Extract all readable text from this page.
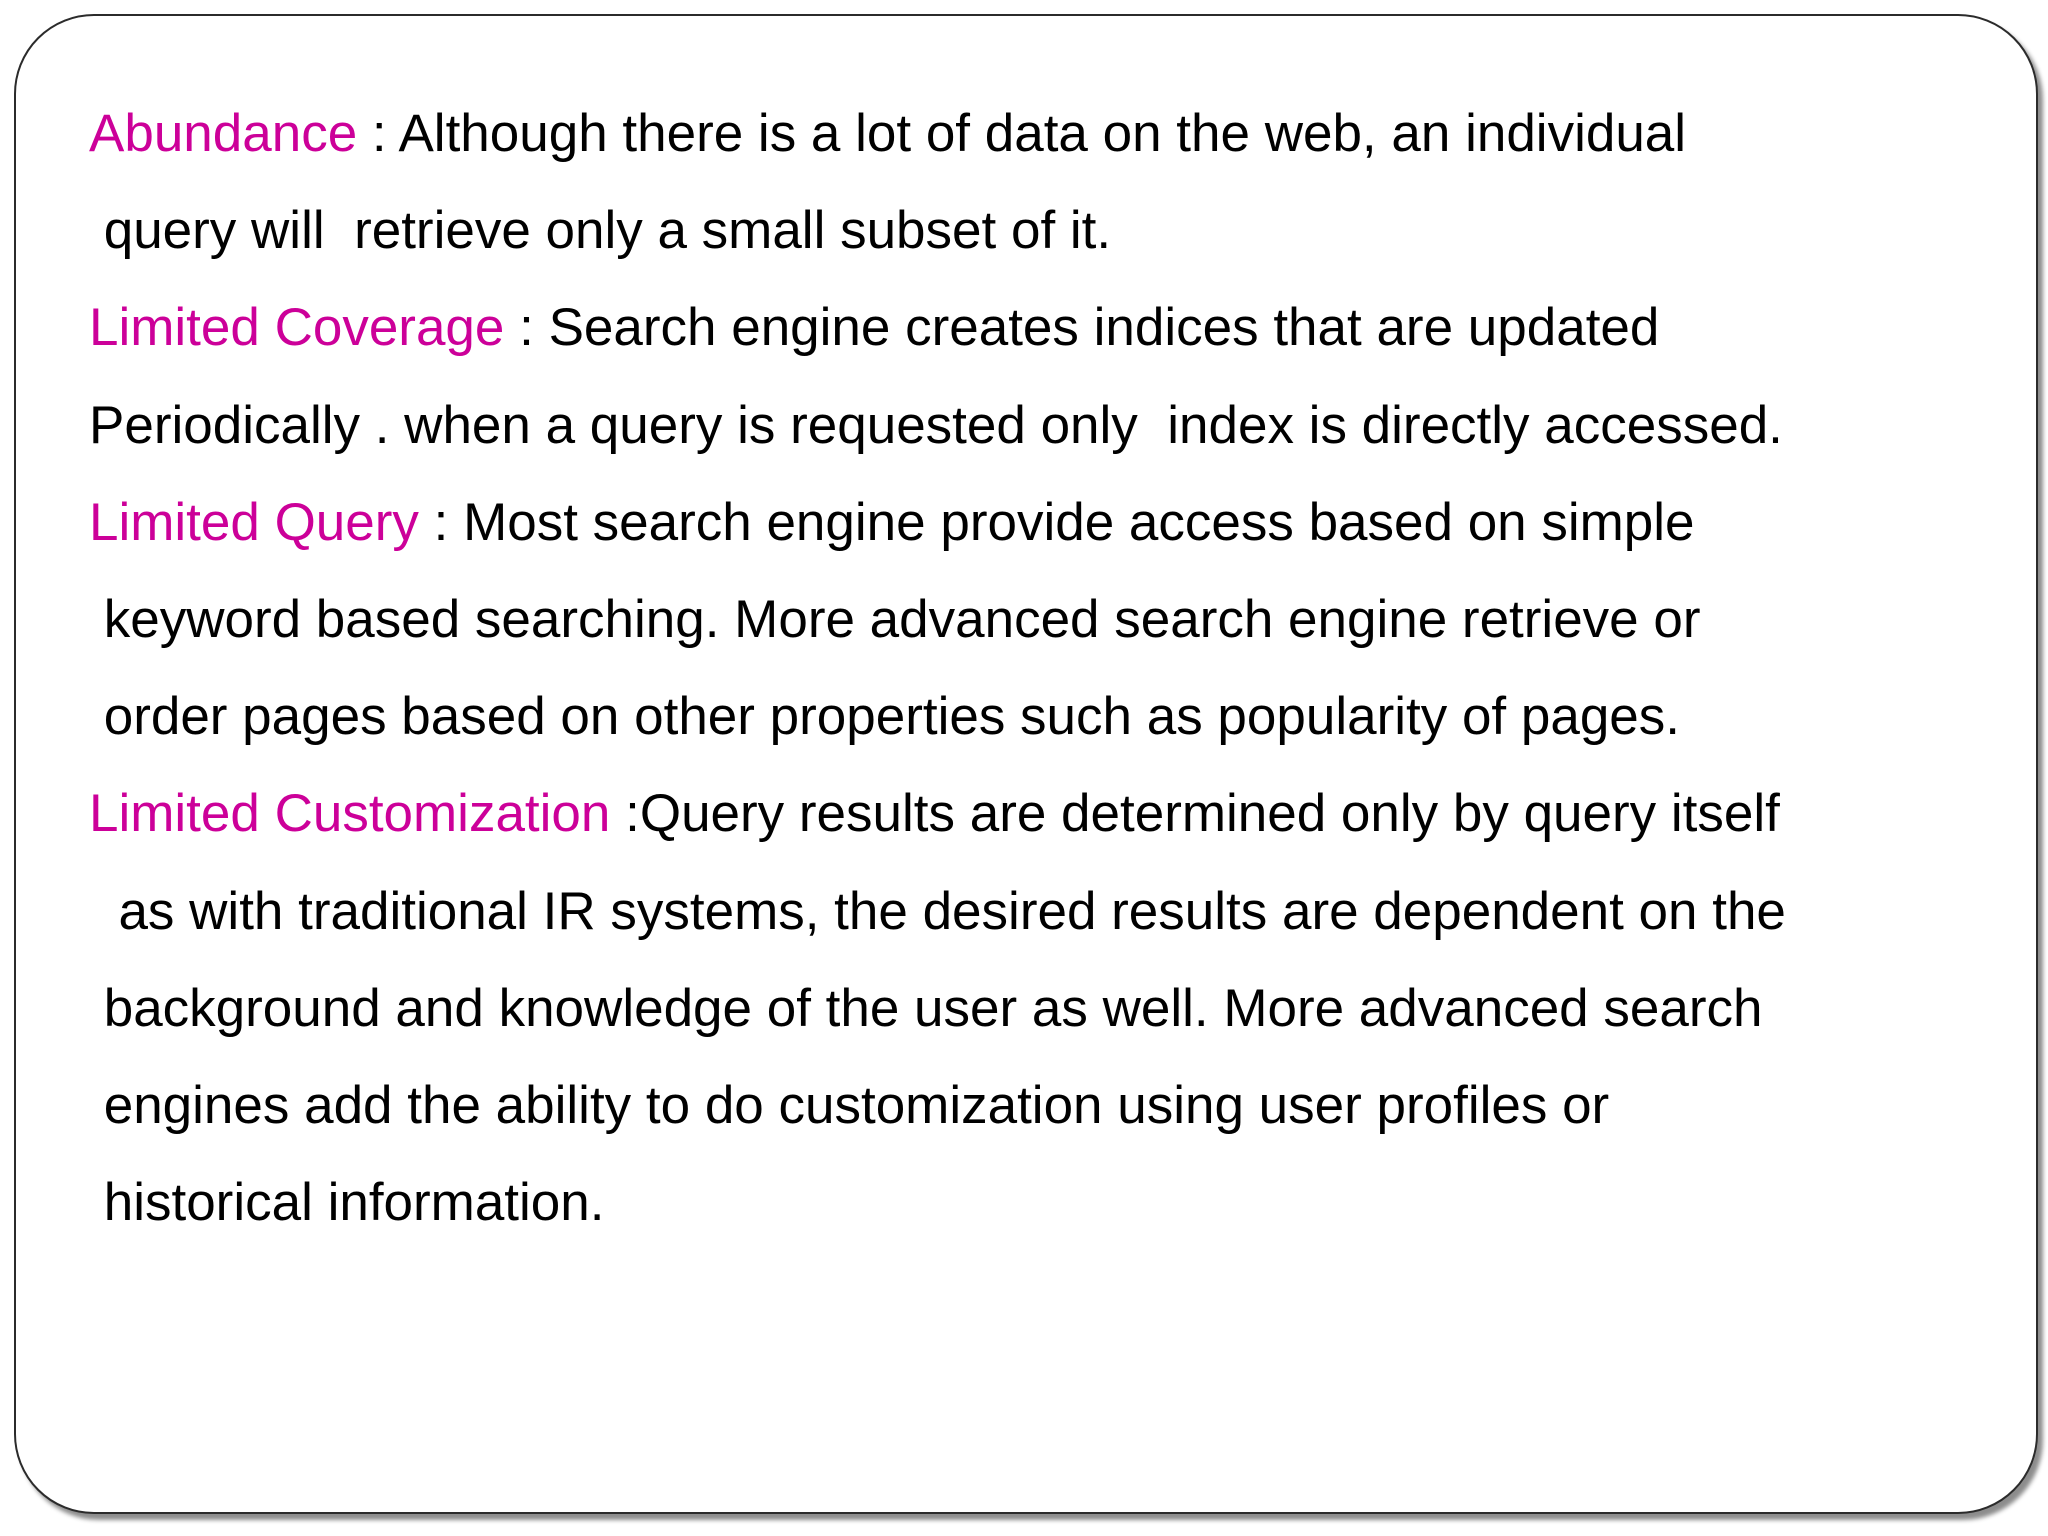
Abundance : Although there is a lot of data on the web, an individual
query will  retrieve only a small subset of it.
Limited Coverage : Search engine creates indices that are updated
Periodically . when a query is requested only  index is directly accessed.
Limited Query : Most search engine provide access based on simple
keyword based searching. More advanced search engine retrieve or
order pages based on other properties such as popularity of pages.
Limited Customization :Query results are determined only by query itself
as with traditional IR systems, the desired results are dependent on the
background and knowledge of the user as well. More advanced search
engines add the ability to do customization using user profiles or
historical information.
